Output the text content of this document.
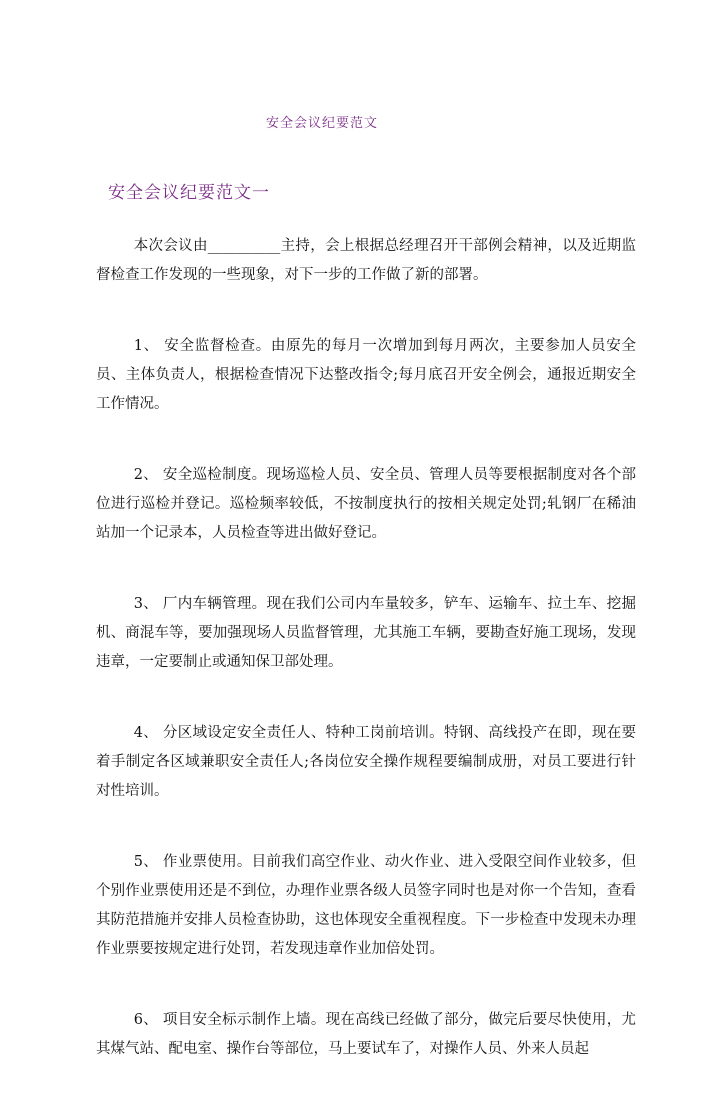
安全会议纪要范文
安全会议纪要范文一

本次会议由__________主持，会上根据总经理召开干部例会精神，以及近期监督检查工作发现的一些现象，对下一步的工作做了新的部署。

1、 安全监督检查。由原先的每月一次增加到每月两次，主要参加人员安全员、主体负责人，根据检查情况下达整改指令;每月底召开安全例会，通报近期安全工作情况。

2、 安全巡检制度。现场巡检人员、安全员、管理人员等要根据制度对各个部位进行巡检并登记。巡检频率较低，不按制度执行的按相关规定处罚;轧钢厂在稀油站加一个记录本，人员检查等进出做好登记。

3、 厂内车辆管理。现在我们公司内车量较多，铲车、运输车、拉土车、挖掘机、商混车等，要加强现场人员监督管理，尤其施工车辆，要勘查好施工现场，发现违章，一定要制止或通知保卫部处理。

4、 分区域设定安全责任人、特种工岗前培训。特钢、高线投产在即，现在要着手制定各区域兼职安全责任人;各岗位安全操作规程要编制成册，对员工要进行针对性培训。

5、 作业票使用。目前我们高空作业、动火作业、进入受限空间作业较多，但个别作业票使用还是不到位，办理作业票各级人员签字同时也是对你一个告知，查看其防范措施并安排人员检查协助，这也体现安全重视程度。下一步检查中发现未办理作业票要按规定进行处罚，若发现违章作业加倍处罚。

6、 项目安全标示制作上墙。现在高线已经做了部分，做完后要尽快使用，尤其煤气站、配电室、操作台等部位，马上要试车了，对操作人员、外来人员起
